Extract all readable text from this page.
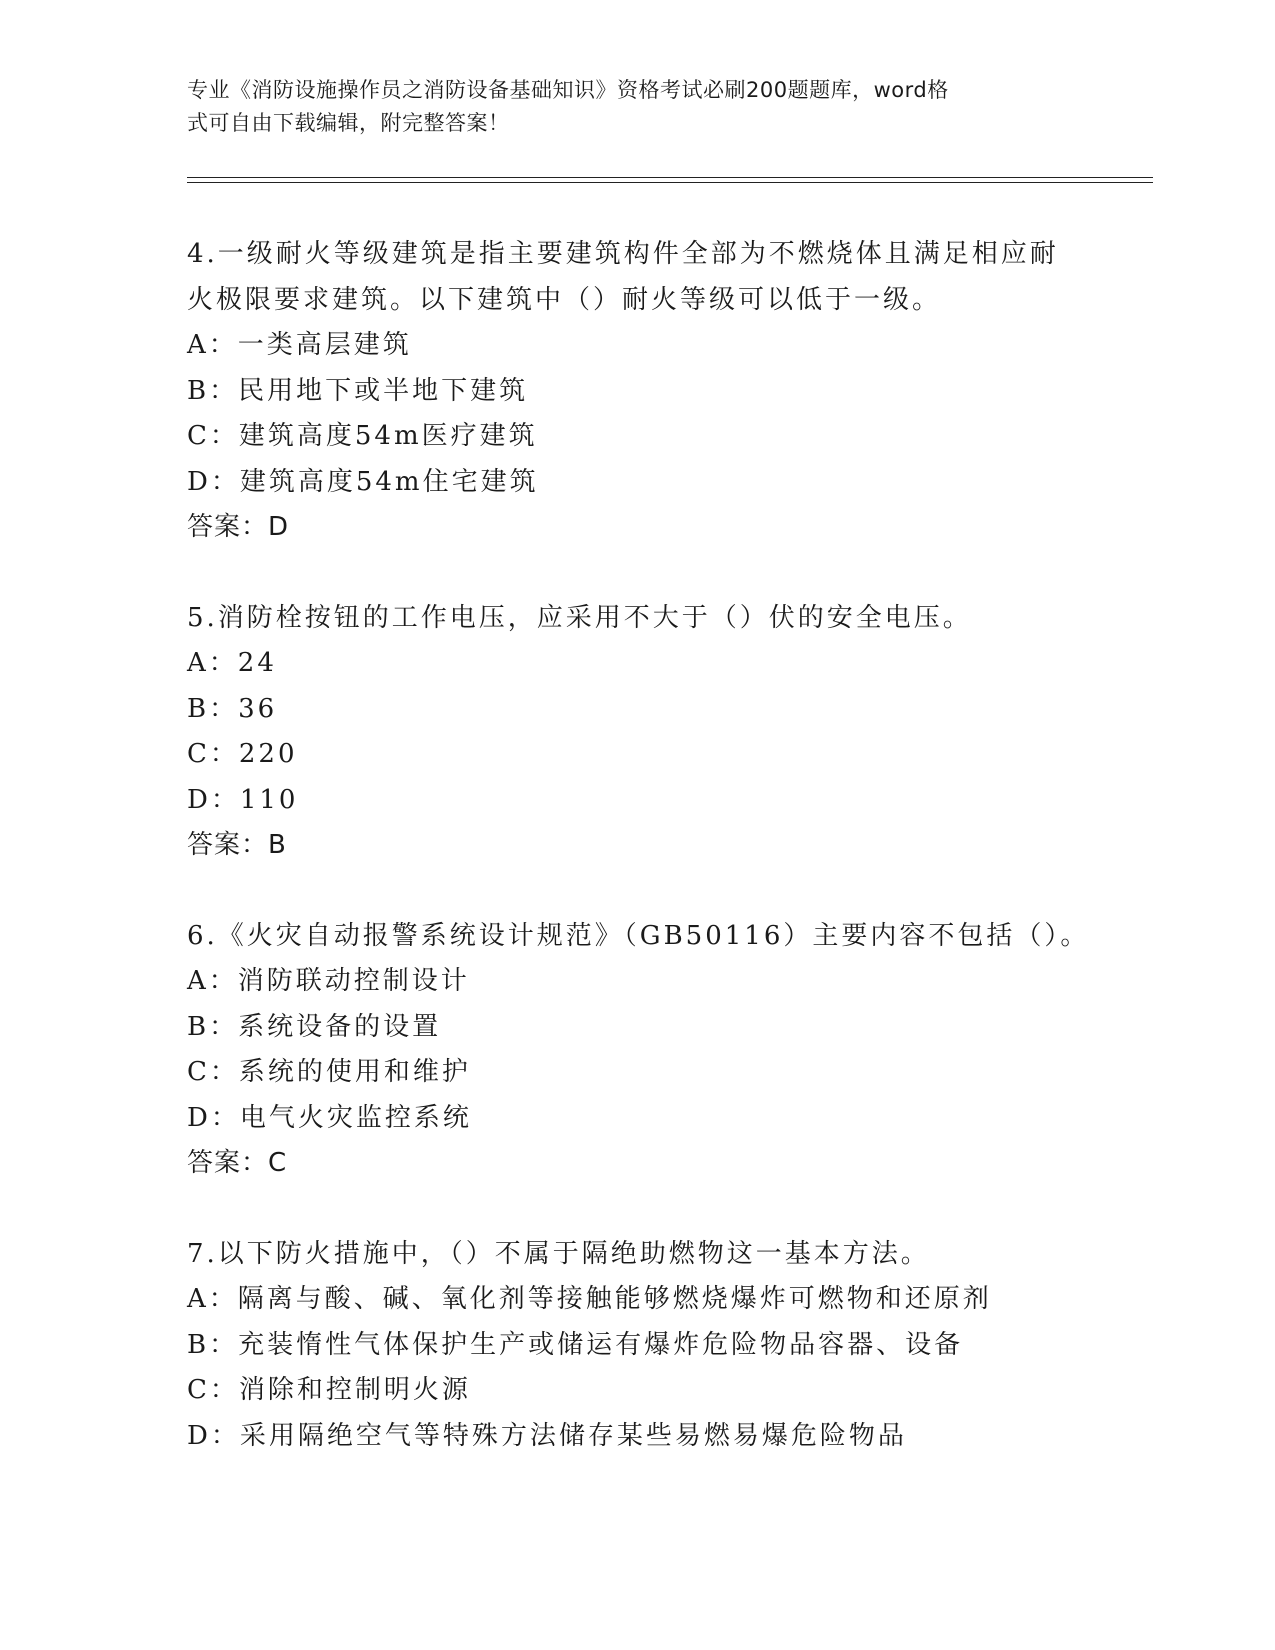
专业《消防设施操作员之消防设备基础知识》资格考试必刷200题题库，word格
式可自由下载编辑，附完整答案！
4.一级耐火等级建筑是指主要建筑构件全部为不燃烧体且满足相应耐
火极限要求建筑。以下建筑中（）耐火等级可以低于一级。
A：一类高层建筑
B：民用地下或半地下建筑
C：建筑高度54m医疗建筑
D：建筑高度54m住宅建筑
答案：D
5.消防栓按钮的工作电压，应采用不大于（）伏的安全电压。
A：24
B：36
C：220
D：110
答案：B
6.《火灾自动报警系统设计规范》（GB50116）主要内容不包括（）。
A：消防联动控制设计
B：系统设备的设置
C：系统的使用和维护
D：电气火灾监控系统
答案：C
7.以下防火措施中，（）不属于隔绝助燃物这一基本方法。
A：隔离与酸、碱、氧化剂等接触能够燃烧爆炸可燃物和还原剂
B：充装惰性气体保护生产或储运有爆炸危险物品容器、设备
C：消除和控制明火源
D：采用隔绝空气等特殊方法储存某些易燃易爆危险物品
